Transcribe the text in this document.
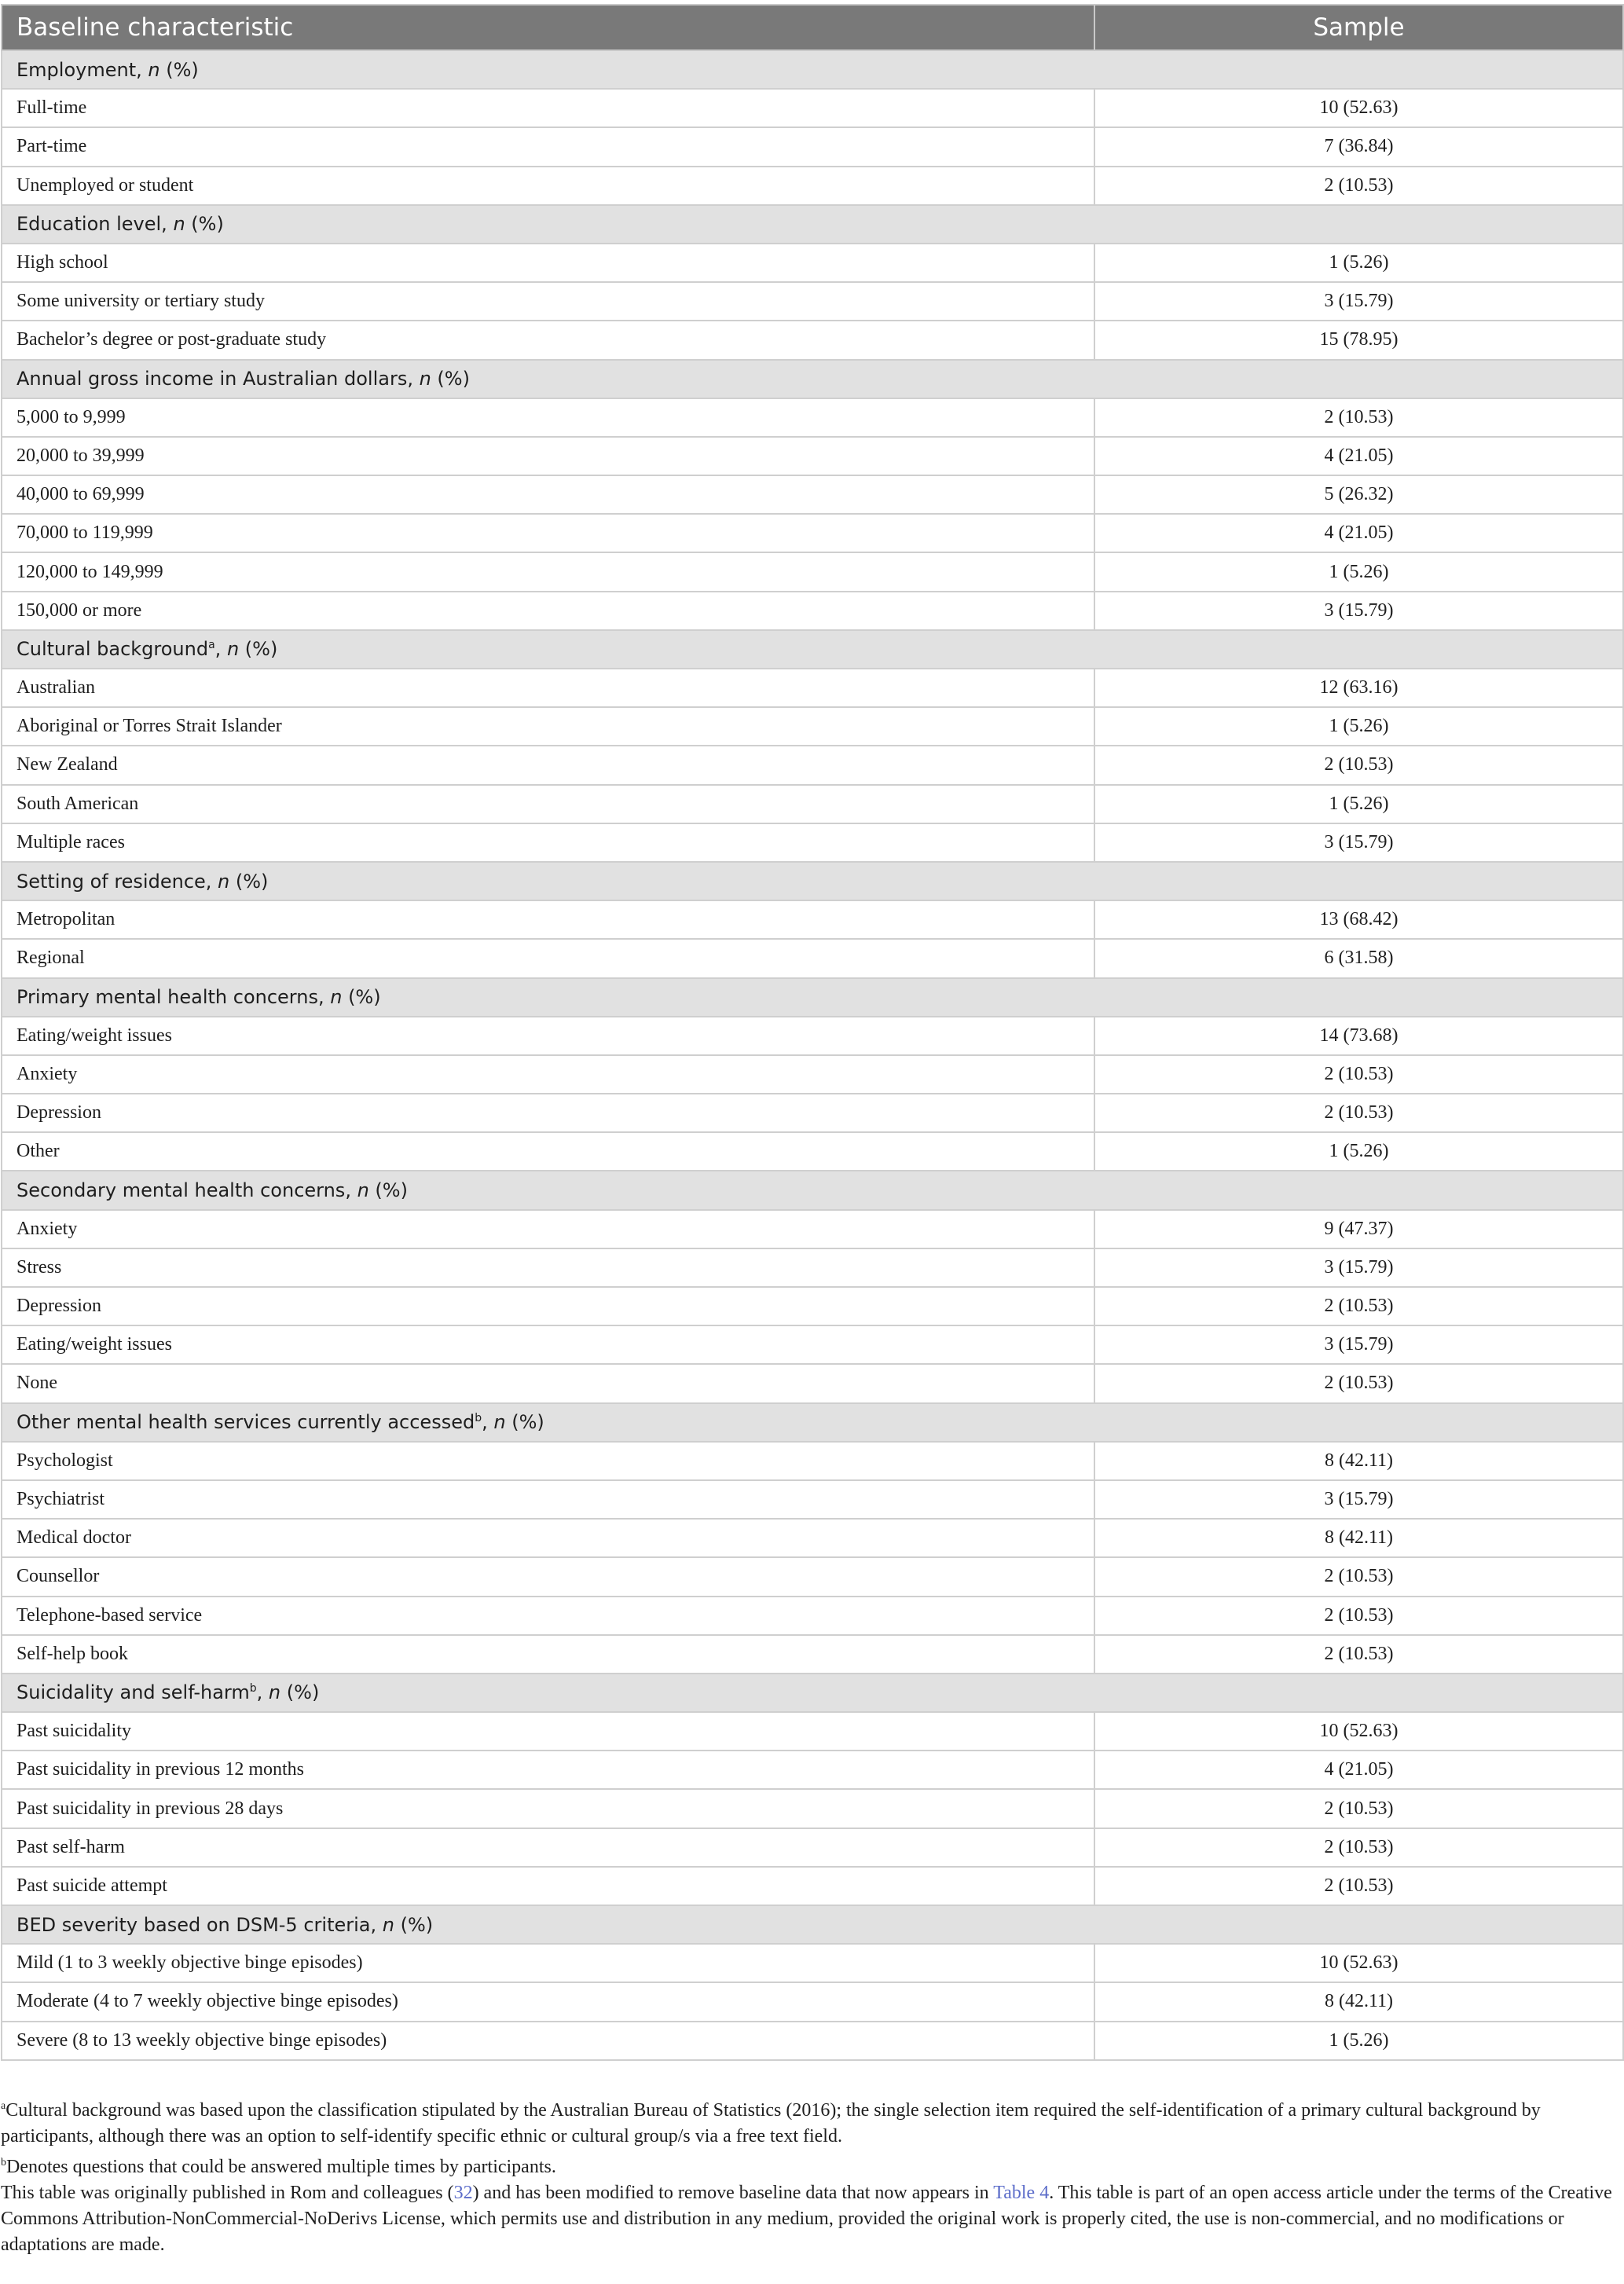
Baseline characteristic	Sample
Employment, n (%)	
Full-time	10 (52.63)
Part-time	7 (36.84)
Unemployed or student	2 (10.53)
Education level, n (%)	
High school	1 (5.26)
Some university or tertiary study	3 (15.79)
Bachelor’s degree or post-graduate study	15 (78.95)
Annual gross income in Australian dollars, n (%)	
5,000 to 9,999	2 (10.53)
20,000 to 39,999	4 (21.05)
40,000 to 69,999	5 (26.32)
70,000 to 119,999	4 (21.05)
120,000 to 149,999	1 (5.26)
150,000 or more	3 (15.79)
Cultural background$^a$, n (%)	
Australian	12 (63.16)
Aboriginal or Torres Strait Islander	1 (5.26)
New Zealand	2 (10.53)
South American	1 (5.26)
Multiple races	3 (15.79)
Setting of residence, n (%)	
Metropolitan	13 (68.42)
Regional	6 (31.58)
Primary mental health concerns, n (%)	
Eating/weight issues	14 (73.68)
Anxiety	2 (10.53)
Depression	2 (10.53)
Other	1 (5.26)
Secondary mental health concerns, n (%)	
Anxiety	9 (47.37)
Stress	3 (15.79)
Depression	2 (10.53)
Eating/weight issues	3 (15.79)
None	2 (10.53)
Other mental health services currently accessed$^b$, n (%)	
Psychologist	8 (42.11)
Psychiatrist	3 (15.79)
Medical doctor	8 (42.11)
Counsellor	2 (10.53)
Telephone-based service	2 (10.53)
Self-help book	2 (10.53)
Suicidality and self-harm$^b$, n (%)	
Past suicidality	10 (52.63)
Past suicidality in previous 12 months	4 (21.05)
Past suicidality in previous 28 days	2 (10.53)
Past self-harm	2 (10.53)
Past suicide attempt	2 (10.53)
BED severity based on DSM-5 criteria, n (%)	
Mild (1 to 3 weekly objective binge episodes)	10 (52.63)
Moderate (4 to 7 weekly objective binge episodes)	8 (42.11)
Severe (8 to 13 weekly objective binge episodes)	1 (5.26)

$^a$Cultural background was based upon the classification stipulated by the Australian Bureau of Statistics (2016); the single selection item required the self-identification of a primary cultural background by participants, although there was an option to self-identify specific ethnic or cultural group/s via a free text field.

$^b$Denotes questions that could be answered multiple times by participants.

This table was originally published in Rom and colleagues (32) and has been modified to remove baseline data that now appears in Table 4. This table is part of an open access article under the terms of the Creative Commons Attribution-NonCommercial-NoDerivs License, which permits use and distribution in any medium, provided the original work is properly cited, the use is non-commercial, and no modifications or adaptations are made.
